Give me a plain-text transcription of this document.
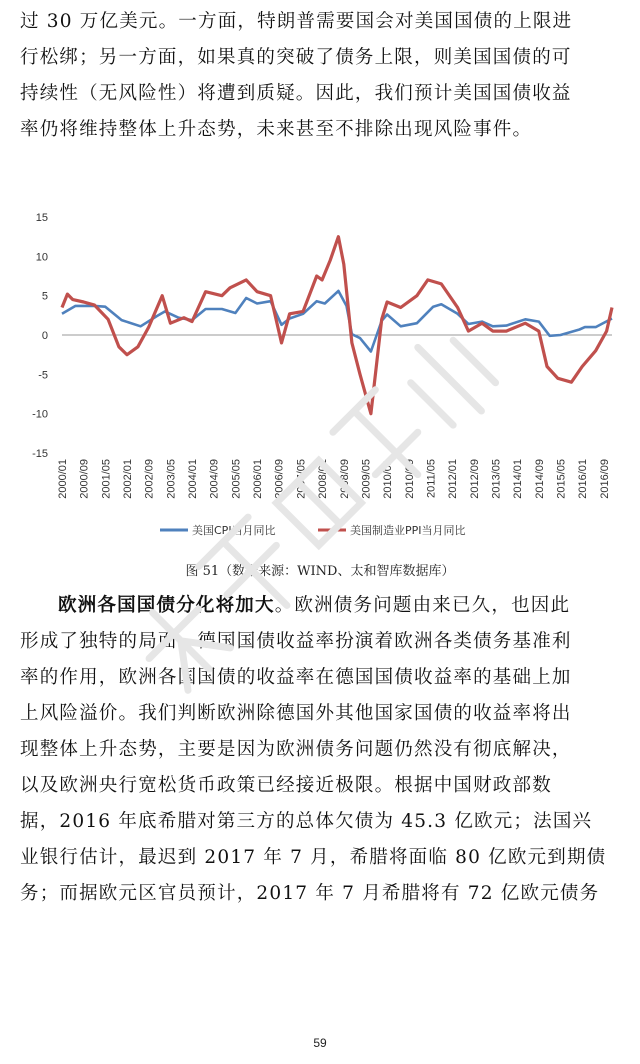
过 30 万亿美元。一方面，特朗普需要国会对美国国债的上限进

行松绑；另一方面，如果真的突破了债务上限，则美国国债的可

持续性（无风险性）将遭到质疑。因此，我们预计美国国债收益

率仍将维持整体上升态势，未来甚至不排除出现风险事件。

15
10
5
0
-5
-10
-15
2000/01 2000/09 2001/05 2002/01 2002/09 2003/05 2004/01 2004/09 2005/05 2006/01 2006/09 2007/05 2008/01 2008/09 2009/05 2010/01 2010/09 2011/05 2012/01 2012/09 2013/05 2014/01 2014/09 2015/05 2016/01 2016/09
美国CPI当月同比	美国制造业PPI当月同比
图 51（数据来源：WIND、太和智库数据库）

欧洲各国国债分化将加大。欧洲债务问题由来已久，也因此

形成了独特的局面。德国国债收益率扮演着欧洲各类债务基准利

率的作用，欧洲各国国债的收益率在德国国债收益率的基础上加

上风险溢价。我们判断欧洲除德国外其他国家国债的收益率将出

现整体上升态势，主要是因为欧洲债务问题仍然没有彻底解决，

以及欧洲央行宽松货币政策已经接近极限。根据中国财政部数

据，2016 年底希腊对第三方的总体欠债为 45.3 亿欧元；法国兴

业银行估计，最迟到 2017 年 7 月，希腊将面临 80 亿欧元到期债

务；而据欧元区官员预计，2017 年 7 月希腊将有 72 亿欧元债务

59
